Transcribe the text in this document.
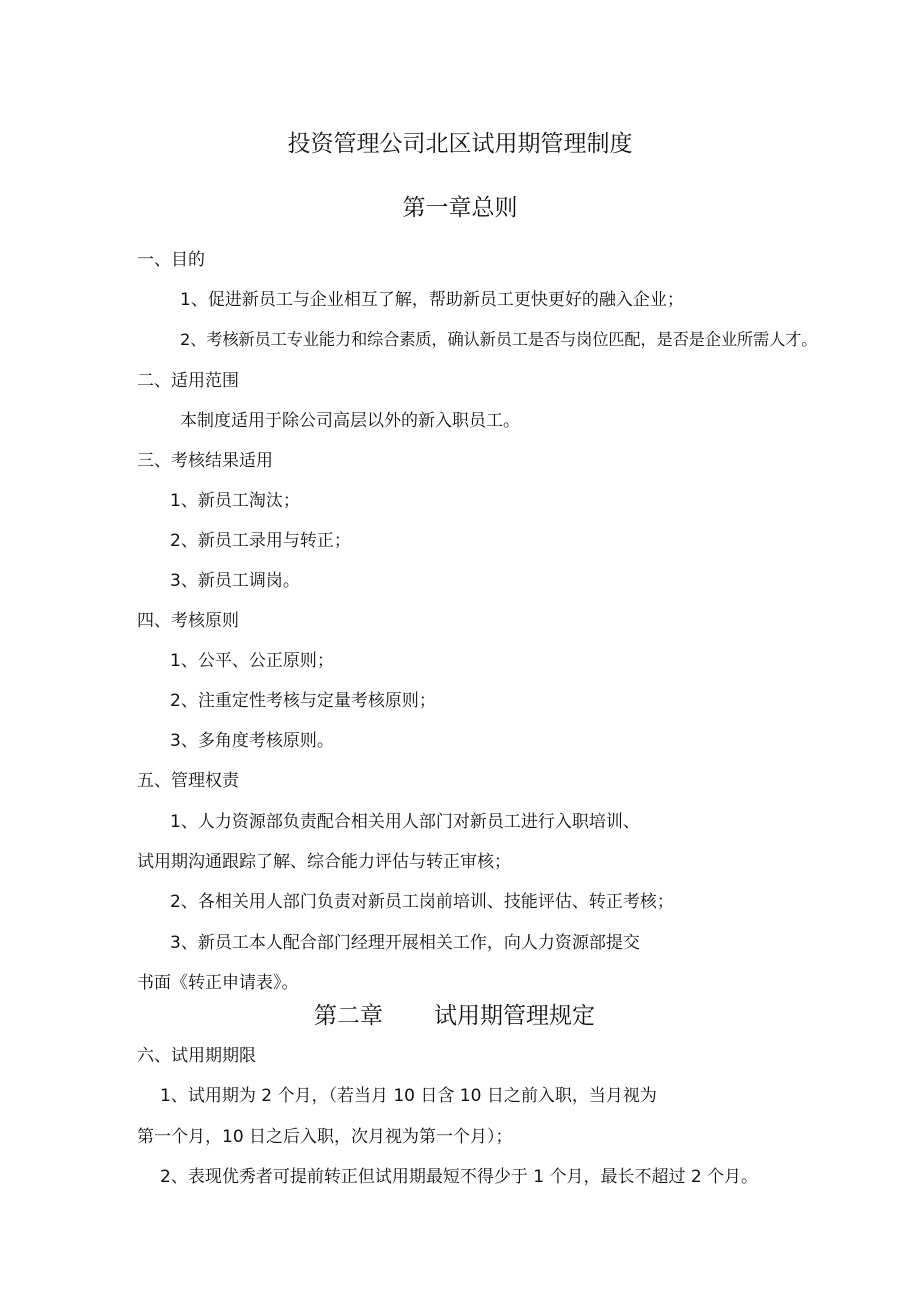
投资管理公司北区试用期管理制度
第一章总则
一、目的
1、促进新员工与企业相互了解，帮助新员工更快更好的融入企业；
2、考核新员工专业能力和综合素质，确认新员工是否与岗位匹配，是否是企业所需人才。
二、适用范围
本制度适用于除公司高层以外的新入职员工。
三、考核结果适用
1、新员工淘汰；
2、新员工录用与转正；
3、新员工调岗。
四、考核原则
1、公平、公正原则；
2、注重定性考核与定量考核原则；
3、多角度考核原则。
五、管理权责
1、人力资源部负责配合相关用人部门对新员工进行入职培训、
试用期沟通跟踪了解、综合能力评估与转正审核；
2、各相关用人部门负责对新员工岗前培训、技能评估、转正考核；
3、新员工本人配合部门经理开展相关工作，向人力资源部提交
书面《转正申请表》。
第二章 试用期管理规定
六、试用期期限
1、试用期为 2 个月，（若当月 10 日含 10 日之前入职，当月视为
第一个月，10 日之后入职，次月视为第一个月）；
2、表现优秀者可提前转正但试用期最短不得少于 1 个月，最长不超过 2 个月。
